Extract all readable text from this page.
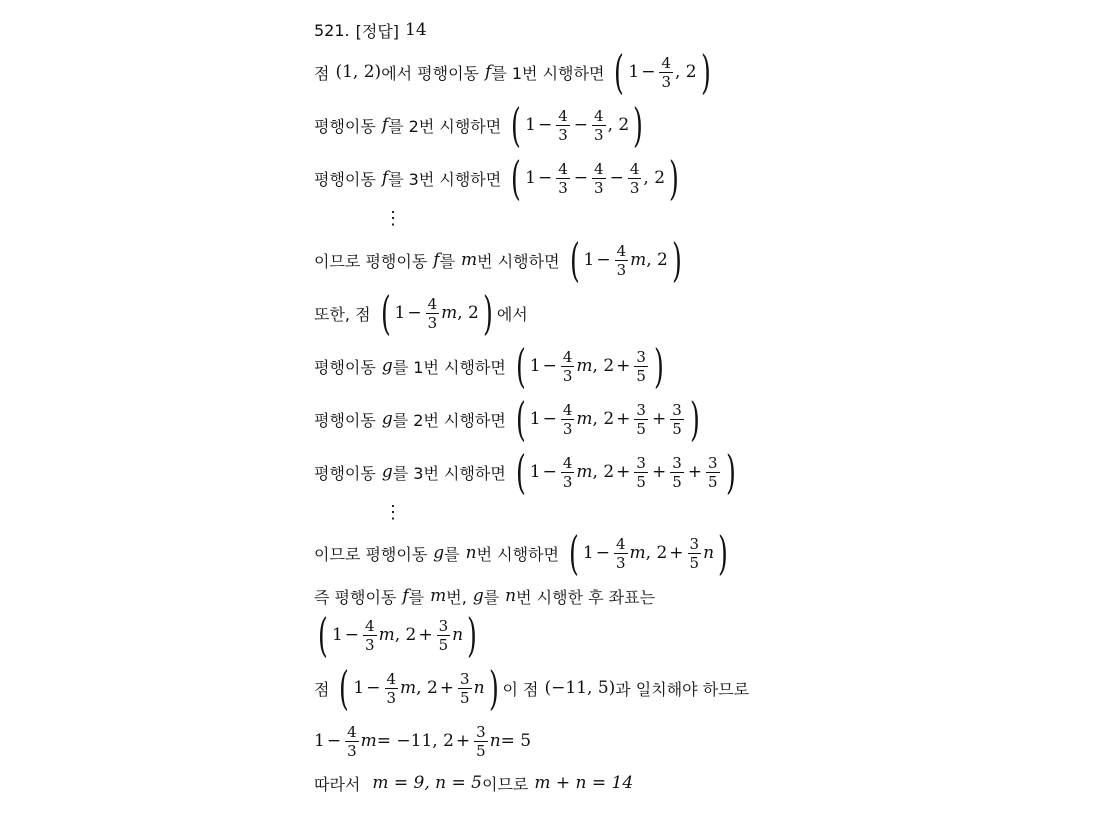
521. [정답] 14
점 (1, 2) 에서 평행이동 f 를 1번 시행하면 ( $1 - \frac{4}{3}$ , 2 )
평행이동 f 를 2번 시행하면 ( $1 - \frac{4}{3} - \frac{4}{3}$ , 2 )
평행이동 f 를 3번 시행하면 ( $1 - \frac{4}{3} - \frac{4}{3} - \frac{4}{3}$ , 2 )
⋮
이므로 평행이동 f 를 m 번 시행하면 ( $1 - \frac{4}{3}$ m , 2 )
또한, 점 ( $1 - \frac{4}{3}$ m , 2 ) 에서
평행이동 g 를 1번 시행하면 ( $1 - \frac{4}{3}$ m , $2 + \frac{3}{5}$ )
평행이동 g 를 2번 시행하면 ( $1 - \frac{4}{3}$ m , $2 + \frac{3}{5} + \frac{3}{5}$ )
평행이동 g 를 3번 시행하면 ( $1 - \frac{4}{3}$ m , $2 + \frac{3}{5} + \frac{3}{5} + \frac{3}{5}$ )
⋮
이므로 평행이동 g 를 n 번 시행하면 ( $1 - \frac{4}{3}$ m , $2 + \frac{3}{5}$ n )
즉 평행이동 f 를 m 번, g 를 n 번 시행한 후 좌표는
( $1 - \frac{4}{3}$ m , $2 + \frac{3}{5}$ n )
점 ( $1 - \frac{4}{3}$ m , $2 + \frac{3}{5}$ n ) 이 점 (−11, 5) 과 일치해야 하므로
$1 - \frac{4}{3}$ m = −11, $2 + \frac{3}{5}$ n = 5
따라서 m = 9, n = 5 이므로 m + n = 14
